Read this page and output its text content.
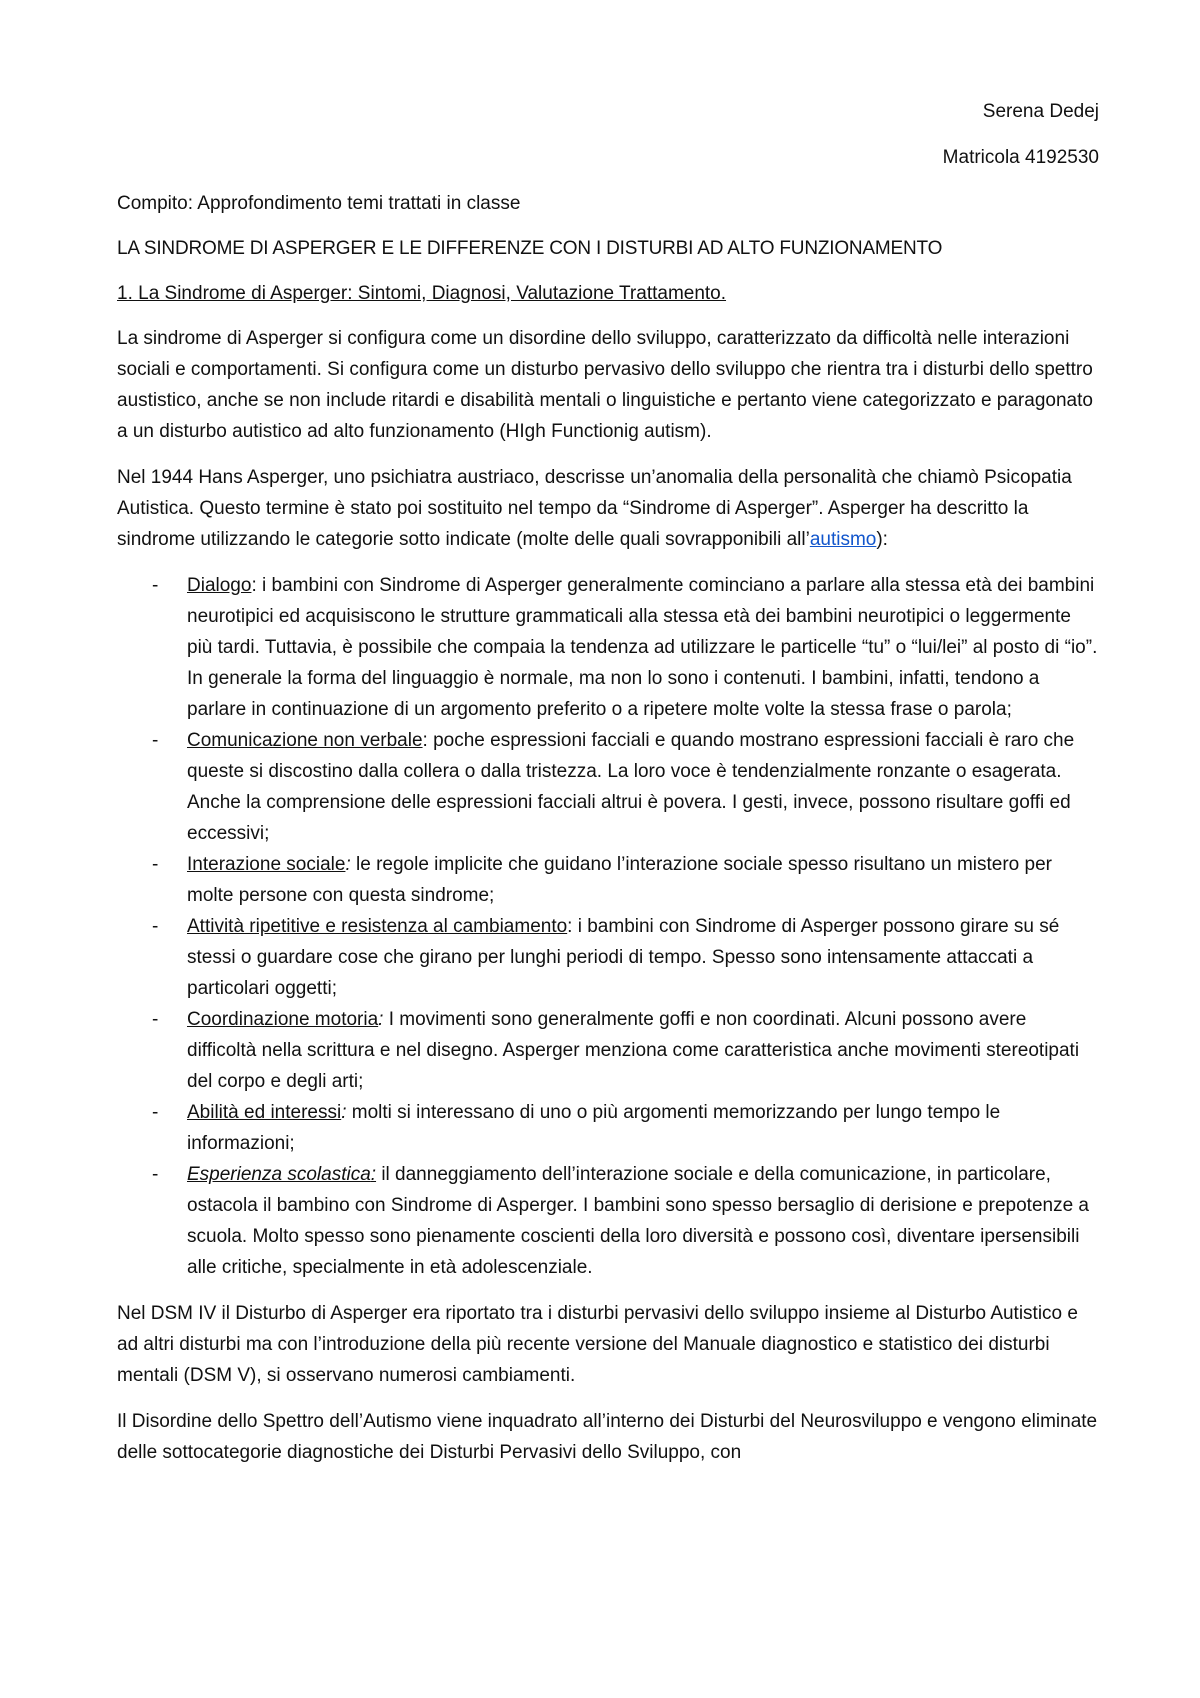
Serena Dedej

Matricola 4192530

Compito: Approfondimento temi trattati in classe

LA SINDROME DI ASPERGER E LE DIFFERENZE CON I DISTURBI AD ALTO FUNZIONAMENTO

1. La Sindrome di Asperger: Sintomi, Diagnosi, Valutazione Trattamento.

La sindrome di Asperger si configura come un disordine dello sviluppo, caratterizzato da difficoltà nelle interazioni sociali e comportamenti. Si configura come un disturbo pervasivo dello sviluppo che rientra tra i disturbi dello spettro austistico, anche se non include ritardi e disabilità mentali o linguistiche e pertanto viene categorizzato e paragonato a un disturbo autistico ad alto funzionamento (HIgh Functionig autism).

Nel 1944 Hans Asperger, uno psichiatra austriaco, descrisse un’anomalia della personalità che chiamò Psicopatia Autistica. Questo termine è stato poi sostituito nel tempo da “Sindrome di Asperger”. Asperger ha descritto la sindrome utilizzando le categorie sotto indicate (molte delle quali sovrapponibili all’autismo):

- Dialogo: i bambini con Sindrome di Asperger generalmente cominciano a parlare alla stessa età dei bambini neurotipici ed acquisiscono le strutture grammaticali alla stessa età dei bambini neurotipici o leggermente più tardi. Tuttavia, è possibile che compaia la tendenza ad utilizzare le particelle “tu” o “lui/lei” al posto di “io”. In generale la forma del linguaggio è normale, ma non lo sono i contenuti. I bambini, infatti, tendono a parlare in continuazione di un argomento preferito o a ripetere molte volte la stessa frase o parola;
- Comunicazione non verbale: poche espressioni facciali e quando mostrano espressioni facciali è raro che queste si discostino dalla collera o dalla tristezza. La loro voce è tendenzialmente ronzante o esagerata. Anche la comprensione delle espressioni facciali altrui è povera. I gesti, invece, possono risultare goffi ed eccessivi;
- Interazione sociale: le regole implicite che guidano l’interazione sociale spesso risultano un mistero per molte persone con questa sindrome;
- Attività ripetitive e resistenza al cambiamento: i bambini con Sindrome di Asperger possono girare su sé stessi o guardare cose che girano per lunghi periodi di tempo. Spesso sono intensamente attaccati a particolari oggetti;
- Coordinazione motoria: I movimenti sono generalmente goffi e non coordinati. Alcuni possono avere difficoltà nella scrittura e nel disegno. Asperger menziona come caratteristica anche movimenti stereotipati del corpo e degli arti;
- Abilità ed interessi: molti si interessano di uno o più argomenti memorizzando per lungo tempo le informazioni;
- Esperienza scolastica: il danneggiamento dell’interazione sociale e della comunicazione, in particolare, ostacola il bambino con Sindrome di Asperger. I bambini sono spesso bersaglio di derisione e prepotenze a scuola. Molto spesso sono pienamente coscienti della loro diversità e possono così, diventare ipersensibili alle critiche, specialmente in età adolescenziale.

Nel DSM IV il Disturbo di Asperger era riportato tra i disturbi pervasivi dello sviluppo insieme al Disturbo Autistico e ad altri disturbi ma con l’introduzione della più recente versione del Manuale diagnostico e statistico dei disturbi mentali (DSM V), si osservano numerosi cambiamenti.

Il Disordine dello Spettro dell’Autismo viene inquadrato all’interno dei Disturbi del Neurosviluppo e vengono eliminate delle sottocategorie diagnostiche dei Disturbi Pervasivi dello Sviluppo, con
